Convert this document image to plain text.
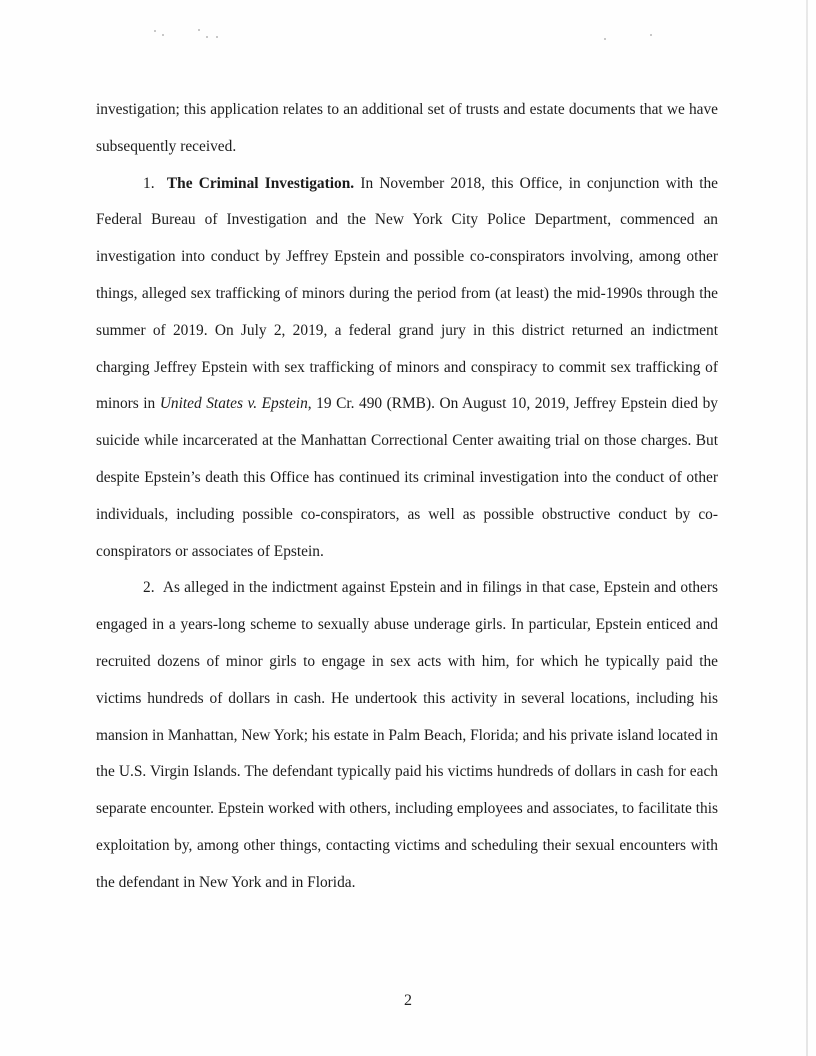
investigation; this application relates to an additional set of trusts and estate documents that we have subsequently received.

1. The Criminal Investigation. In November 2018, this Office, in conjunction with the Federal Bureau of Investigation and the New York City Police Department, commenced an investigation into conduct by Jeffrey Epstein and possible co-conspirators involving, among other things, alleged sex trafficking of minors during the period from (at least) the mid-1990s through the summer of 2019. On July 2, 2019, a federal grand jury in this district returned an indictment charging Jeffrey Epstein with sex trafficking of minors and conspiracy to commit sex trafficking of minors in United States v. Epstein, 19 Cr. 490 (RMB). On August 10, 2019, Jeffrey Epstein died by suicide while incarcerated at the Manhattan Correctional Center awaiting trial on those charges. But despite Epstein’s death this Office has continued its criminal investigation into the conduct of other individuals, including possible co-conspirators, as well as possible obstructive conduct by co-conspirators or associates of Epstein.

2. As alleged in the indictment against Epstein and in filings in that case, Epstein and others engaged in a years-long scheme to sexually abuse underage girls. In particular, Epstein enticed and recruited dozens of minor girls to engage in sex acts with him, for which he typically paid the victims hundreds of dollars in cash. He undertook this activity in several locations, including his mansion in Manhattan, New York; his estate in Palm Beach, Florida; and his private island located in the U.S. Virgin Islands. The defendant typically paid his victims hundreds of dollars in cash for each separate encounter. Epstein worked with others, including employees and associates, to facilitate this exploitation by, among other things, contacting victims and scheduling their sexual encounters with the defendant in New York and in Florida.

2
